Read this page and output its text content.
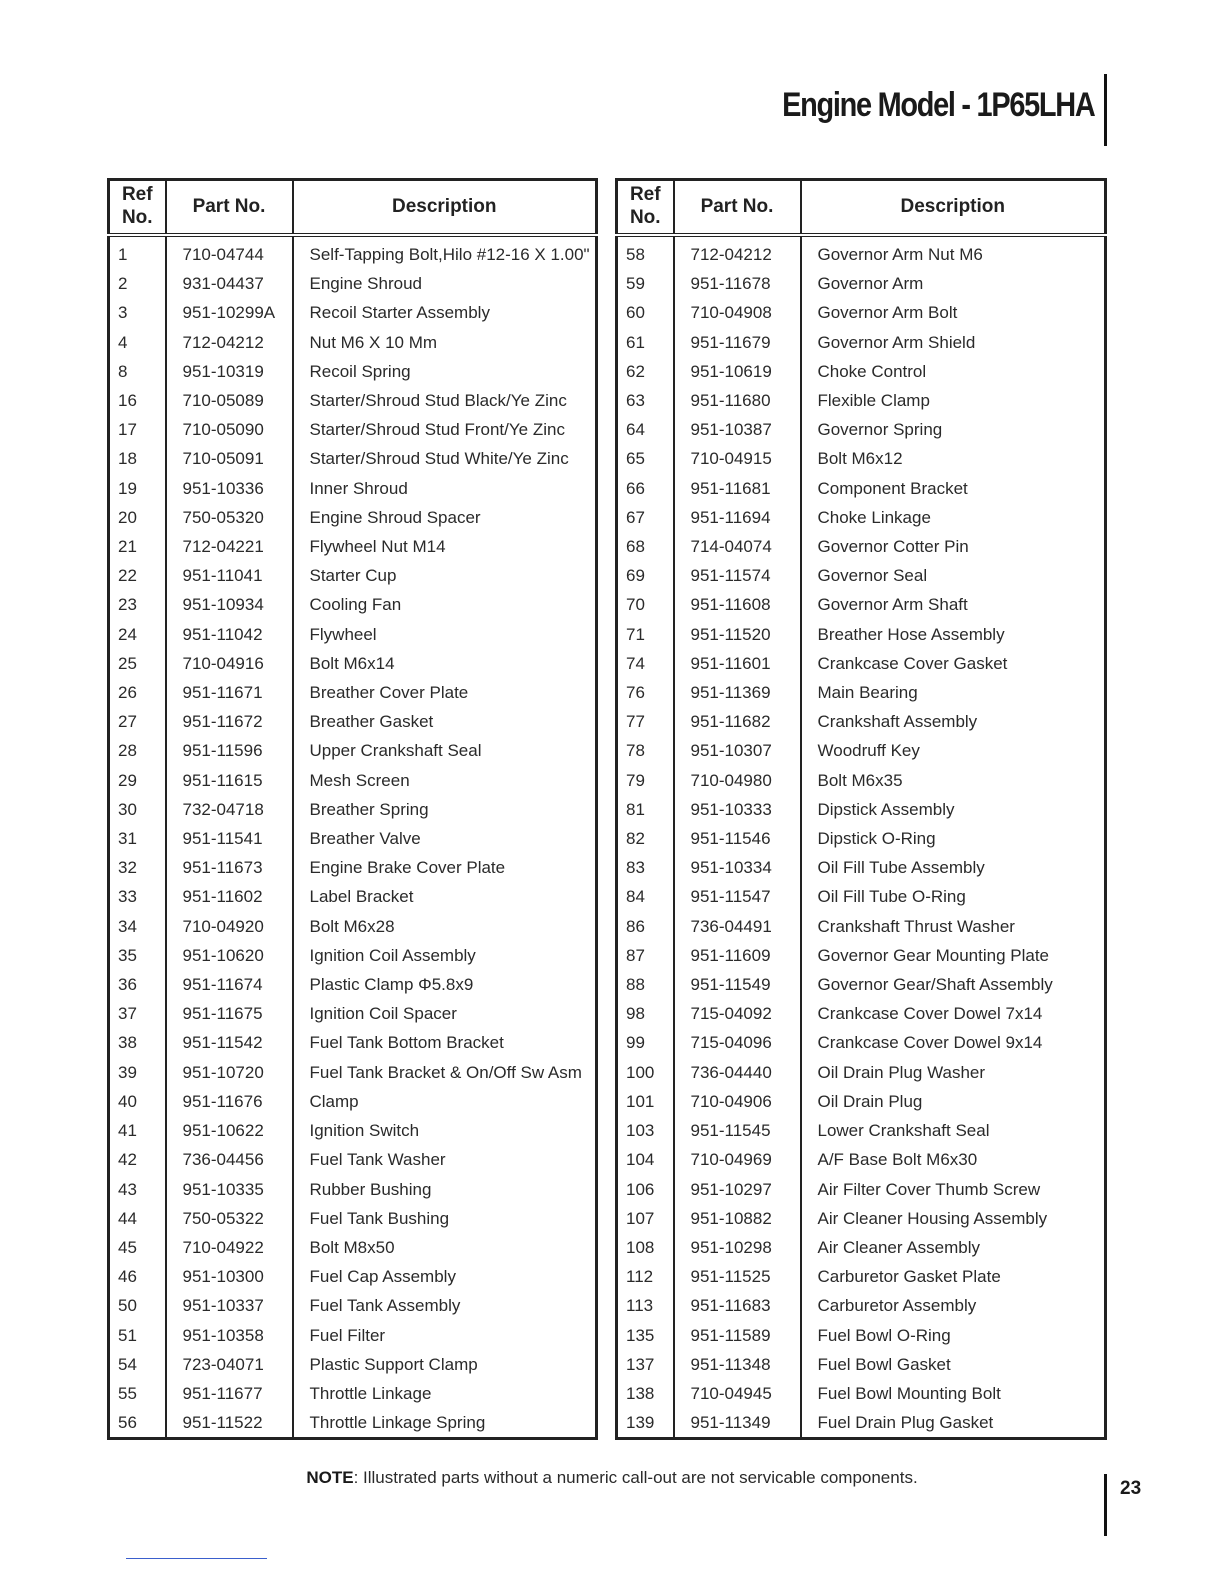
Engine Model - 1P65LHA
Ref No.	Part No.	Description
1	710-04744	Self-Tapping Bolt,Hilo #12-16 X 1.00"
2	931-04437	Engine Shroud
3	951-10299A	Recoil Starter Assembly
4	712-04212	Nut M6 X 10 Mm
8	951-10319	Recoil Spring
16	710-05089	Starter/Shroud Stud Black/Ye Zinc
17	710-05090	Starter/Shroud Stud Front/Ye Zinc
18	710-05091	Starter/Shroud Stud White/Ye Zinc
19	951-10336	Inner Shroud
20	750-05320	Engine Shroud Spacer
21	712-04221	Flywheel Nut M14
22	951-11041	Starter Cup
23	951-10934	Cooling Fan
24	951-11042	Flywheel
25	710-04916	Bolt M6x14
26	951-11671	Breather Cover Plate
27	951-11672	Breather Gasket
28	951-11596	Upper Crankshaft Seal
29	951-11615	Mesh Screen
30	732-04718	Breather Spring
31	951-11541	Breather Valve
32	951-11673	Engine Brake Cover Plate
33	951-11602	Label Bracket
34	710-04920	Bolt M6x28
35	951-10620	Ignition Coil Assembly
36	951-11674	Plastic Clamp Φ5.8x9
37	951-11675	Ignition Coil Spacer
38	951-11542	Fuel Tank Bottom Bracket
39	951-10720	Fuel Tank Bracket & On/Off Sw Asm
40	951-11676	Clamp
41	951-10622	Ignition Switch
42	736-04456	Fuel Tank Washer
43	951-10335	Rubber Bushing
44	750-05322	Fuel Tank Bushing
45	710-04922	Bolt M8x50
46	951-10300	Fuel Cap Assembly
50	951-10337	Fuel Tank Assembly
51	951-10358	Fuel Filter
54	723-04071	Plastic Support Clamp
55	951-11677	Throttle Linkage
56	951-11522	Throttle Linkage Spring
Ref No.	Part No.	Description
58	712-04212	Governor Arm Nut M6
59	951-11678	Governor Arm
60	710-04908	Governor Arm Bolt
61	951-11679	Governor Arm Shield
62	951-10619	Choke Control
63	951-11680	Flexible Clamp
64	951-10387	Governor Spring
65	710-04915	Bolt M6x12
66	951-11681	Component Bracket
67	951-11694	Choke Linkage
68	714-04074	Governor Cotter Pin
69	951-11574	Governor Seal
70	951-11608	Governor Arm Shaft
71	951-11520	Breather Hose Assembly
74	951-11601	Crankcase Cover Gasket
76	951-11369	Main Bearing
77	951-11682	Crankshaft Assembly
78	951-10307	Woodruff Key
79	710-04980	Bolt M6x35
81	951-10333	Dipstick Assembly
82	951-11546	Dipstick O-Ring
83	951-10334	Oil Fill Tube Assembly
84	951-11547	Oil Fill Tube O-Ring
86	736-04491	Crankshaft Thrust Washer
87	951-11609	Governor Gear Mounting Plate
88	951-11549	Governor Gear/Shaft Assembly
98	715-04092	Crankcase Cover Dowel 7x14
99	715-04096	Crankcase Cover Dowel 9x14
100	736-04440	Oil Drain Plug Washer
101	710-04906	Oil Drain Plug
103	951-11545	Lower Crankshaft Seal
104	710-04969	A/F Base Bolt M6x30
106	951-10297	Air Filter Cover Thumb Screw
107	951-10882	Air Cleaner Housing Assembly
108	951-10298	Air Cleaner Assembly
112	951-11525	Carburetor Gasket Plate
113	951-11683	Carburetor Assembly
135	951-11589	Fuel Bowl O-Ring
137	951-11348	Fuel Bowl Gasket
138	710-04945	Fuel Bowl Mounting Bolt
139	951-11349	Fuel Drain Plug Gasket
NOTE: Illustrated parts without a numeric call-out are not servicable components.
23
